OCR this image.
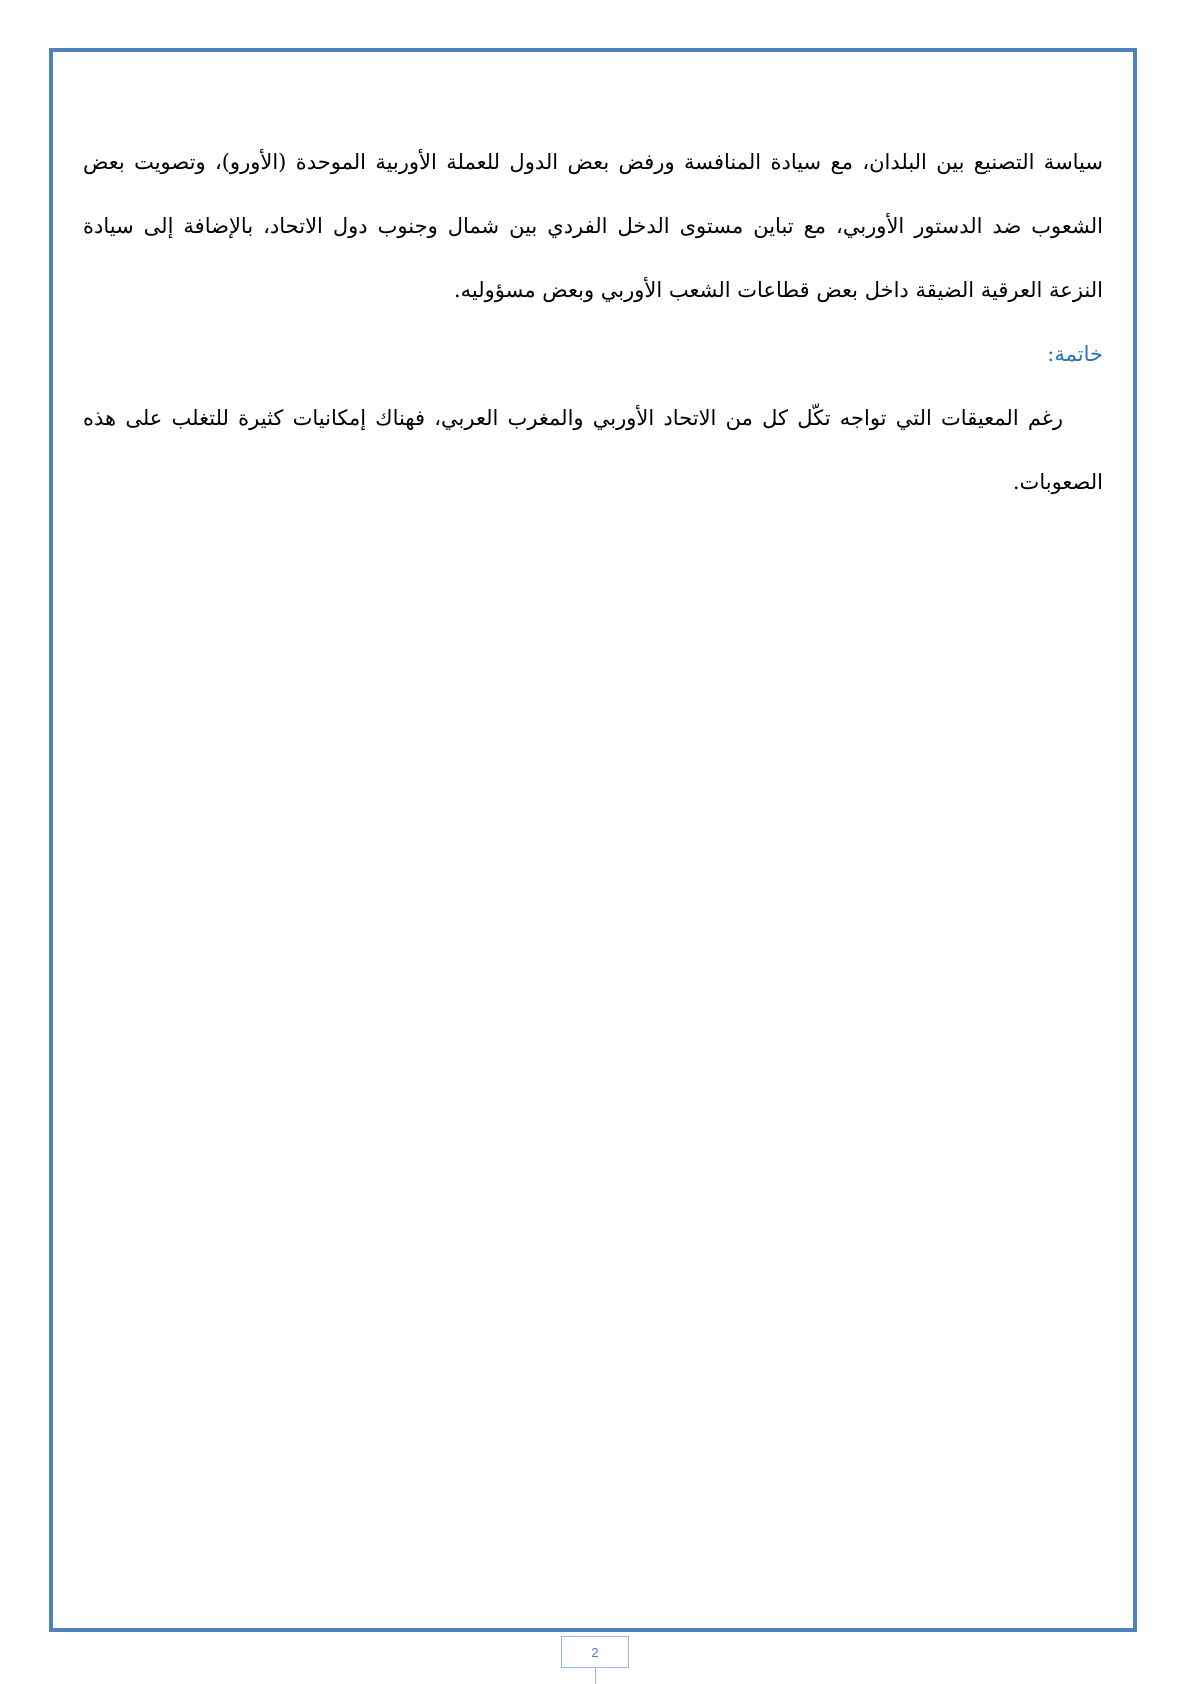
سياسة التصنيع بين البلدان، مع سيادة المنافسة ورفض بعض الدول للعملة الأوربية الموحدة (الأورو)، وتصويت بعض الشعوب ضد الدستور الأوربي، مع تباين مستوى الدخل الفردي بين شمال وجنوب دول الاتحاد، بالإضافة إلى سيادة النزعة العرقية الضيقة داخل بعض قطاعات الشعب الأوربي وبعض مسؤوليه.

خاتمة:

رغم المعيقات التي تواجه تكّل كل من الاتحاد الأوربي والمغرب العربي، فهناك إمكانيات كثيرة للتغلب على هذه الصعوبات.

2
